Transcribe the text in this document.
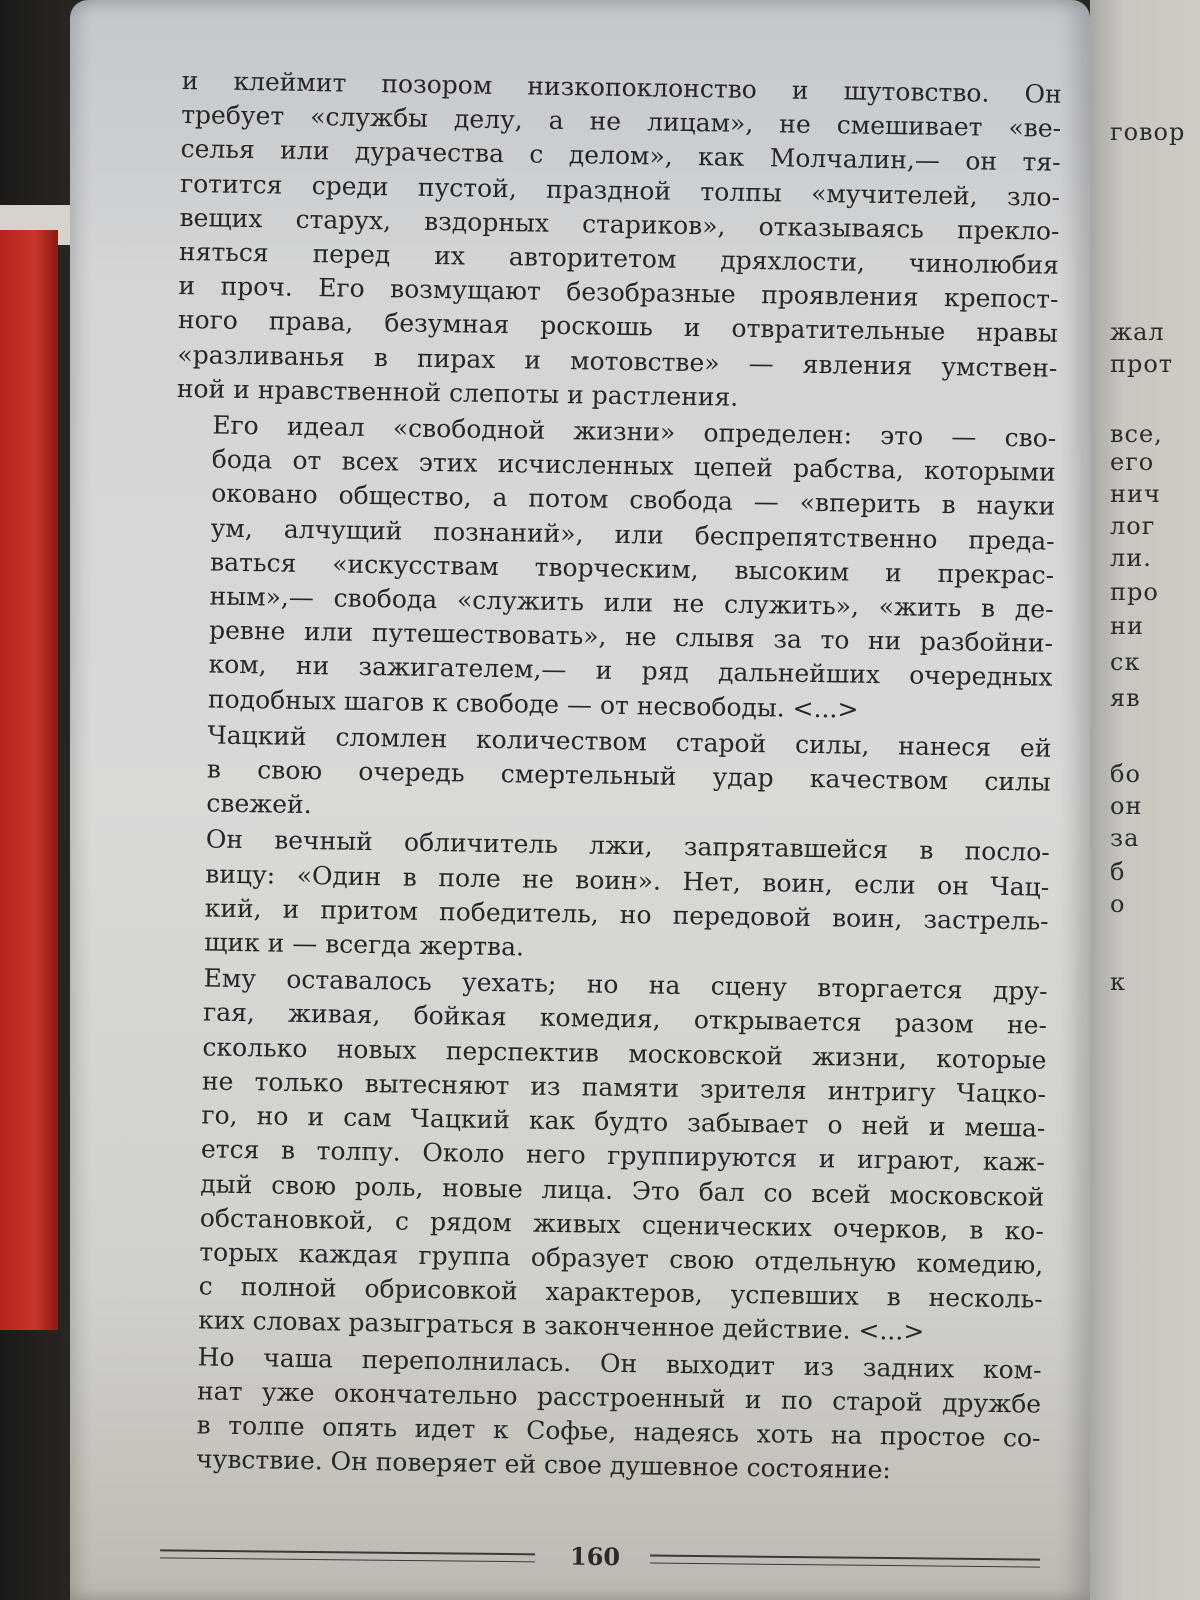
говор
жал
прот
все,
его
нич
лог
ли.
про
ни
ск
яв
бо
он
за
б
о
к

и клеймит позором низкопоклонство и шутовство. Он
требует «службы делу, а не лицам», не смешивает «ве-
селья или дурачества с делом», как Молчалин,— он тя-
готится среди пустой, праздной толпы «мучителей, зло-
вещих старух, вздорных стариков», отказываясь прекло-
няться перед их авторитетом дряхлости, чинолюбия
и проч. Его возмущают безобразные проявления крепост-
ного права, безумная роскошь и отвратительные нравы
«разливанья в пирах и мотовстве» — явления умствен-
ной и нравственной слепоты и растления.

Его идеал «свободной жизни» определен: это — сво-
бода от всех этих исчисленных цепей рабства, которыми
оковано общество, а потом свобода — «вперить в науки
ум, алчущий познаний», или беспрепятственно преда-
ваться «искусствам творческим, высоким и прекрас-
ным»,— свобода «служить или не служить», «жить в де-
ревне или путешествовать», не слывя за то ни разбойни-
ком, ни зажигателем,— и ряд дальнейших очередных
подобных шагов к свободе — от несвободы. <...>

Чацкий сломлен количеством старой силы, нанеся ей
в свою очередь смертельный удар качеством силы
свежей.

Он вечный обличитель лжи, запрятавшейся в посло-
вицу: «Один в поле не воин». Нет, воин, если он Чац-
кий, и притом победитель, но передовой воин, застрель-
щик и — всегда жертва.

Ему оставалось уехать; но на сцену вторгается дру-
гая, живая, бойкая комедия, открывается разом не-
сколько новых перспектив московской жизни, которые
не только вытесняют из памяти зрителя интригу Чацко-
го, но и сам Чацкий как будто забывает о ней и меша-
ется в толпу. Около него группируются и играют, каж-
дый свою роль, новые лица. Это бал со всей московской
обстановкой, с рядом живых сценических очерков, в ко-
торых каждая группа образует свою отдельную комедию,
с полной обрисовкой характеров, успевших в несколь-
ких словах разыграться в законченное действие. <...>

Но чаша переполнилась. Он выходит из задних ком-
нат уже окончательно расстроенный и по старой дружбе
в толпе опять идет к Софье, надеясь хоть на простое со-
чувствие. Он поверяет ей свое душевное состояние:

160
